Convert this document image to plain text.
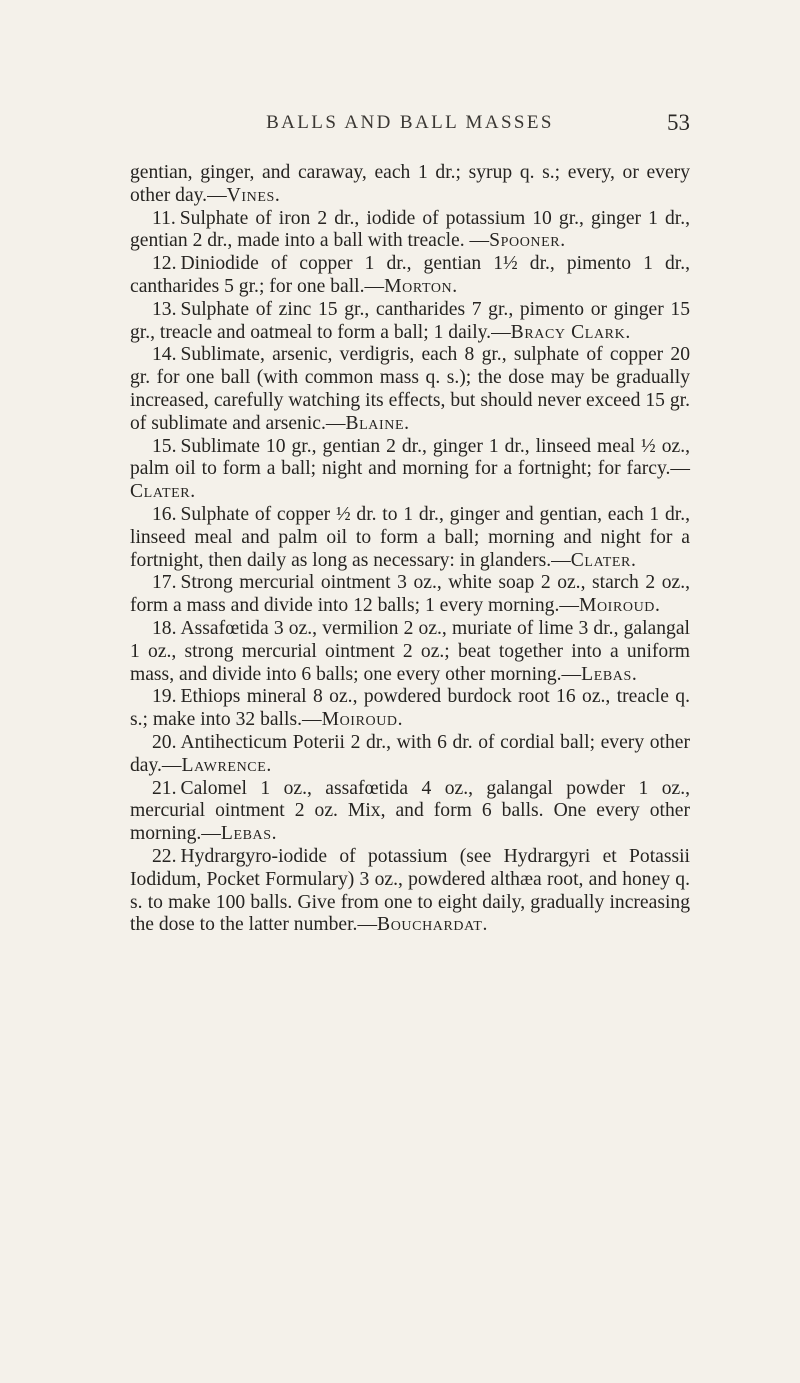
BALLS AND BALL MASSES	53

gentian, ginger, and caraway, each 1 dr.; syrup q. s.; every, or every other day.—Vines.

11. Sulphate of iron 2 dr., iodide of potassium 10 gr., ginger 1 dr., gentian 2 dr., made into a ball with treacle. —Spooner.

12. Diniodide of copper 1 dr., gentian 1½ dr., pimento 1 dr., cantharides 5 gr.; for one ball.—Morton.

13. Sulphate of zinc 15 gr., cantharides 7 gr., pimento or ginger 15 gr., treacle and oatmeal to form a ball; 1 daily.—Bracy Clark.

14. Sublimate, arsenic, verdigris, each 8 gr., sulphate of copper 20 gr. for one ball (with common mass q. s.); the dose may be gradually increased, carefully watching its effects, but should never exceed 15 gr. of sublimate and arsenic.—Blaine.

15. Sublimate 10 gr., gentian 2 dr., ginger 1 dr., linseed meal ½ oz., palm oil to form a ball; night and morning for a fortnight; for farcy.—Clater.

16. Sulphate of copper ½ dr. to 1 dr., ginger and gentian, each 1 dr., linseed meal and palm oil to form a ball; morning and night for a fortnight, then daily as long as necessary: in glanders.—Clater.

17. Strong mercurial ointment 3 oz., white soap 2 oz., starch 2 oz., form a mass and divide into 12 balls; 1 every morning.—Moiroud.

18. Assafœtida 3 oz., vermilion 2 oz., muriate of lime 3 dr., galangal 1 oz., strong mercurial ointment 2 oz.; beat together into a uniform mass, and divide into 6 balls; one every other morning.—Lebas.

19. Ethiops mineral 8 oz., powdered burdock root 16 oz., treacle q. s.; make into 32 balls.—Moiroud.

20. Antihecticum Poterii 2 dr., with 6 dr. of cordial ball; every other day.—Lawrence.

21. Calomel 1 oz., assafœtida 4 oz., galangal powder 1 oz., mercurial ointment 2 oz. Mix, and form 6 balls. One every other morning.—Lebas.

22. Hydrargyro-iodide of potassium (see Hydrargyri et Potassii Iodidum, Pocket Formulary) 3 oz., powdered althæa root, and honey q. s. to make 100 balls. Give from one to eight daily, gradually increasing the dose to the latter number.—Bouchardat.
